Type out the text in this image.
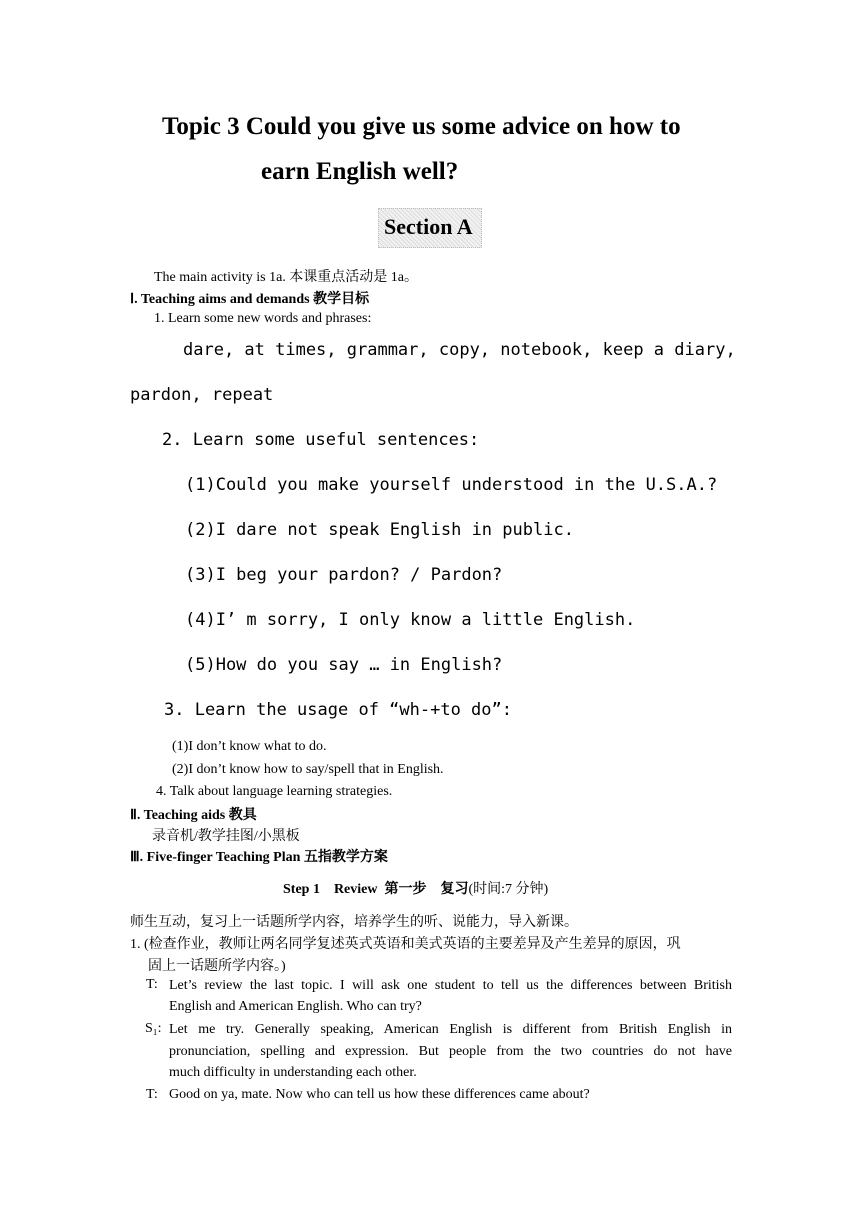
Topic 3 Could you give us some advice on how to
earn English well?
Section A
The main activity is 1a. 本课重点活动是 1a。
Ⅰ. Teaching aims and demands 教学目标
1. Learn some new words and phrases:
dare, at times, grammar, copy, notebook, keep a diary,
pardon, repeat
2. Learn some useful sentences:
(1)Could you make yourself understood in the U.S.A.?
(2)I dare not speak English in public.
(3)I beg your pardon? / Pardon?
(4)I’ m sorry, I only know a little English.
(5)How do you say … in English?
3. Learn the usage of “wh-+to do”:
(1)I don’t know what to do.
(2)I don’t know how to say/spell that in English.
4. Talk about language learning strategies.
Ⅱ. Teaching aids 教具
录音机/教学挂图/小黑板
Ⅲ. Five-finger Teaching Plan 五指教学方案
Step 1    Review  第一步    复习(时间:7 分钟)
师生互动，复习上一话题所学内容，培养学生的听、说能力，导入新课。
1. (检查作业，教师让两名同学复述英式英语和美式英语的主要差异及产生差异的原因，巩
固上一话题所学内容。)
T: Let’s review the last topic. I will ask one student to tell us the differences between British
English and American English. Who can try?
S₁: Let me try. Generally speaking, American English is different from British English in
pronunciation, spelling and expression. But people from the two countries do not have
much difficulty in understanding each other.
T: Good on ya, mate. Now who can tell us how these differences came about?
